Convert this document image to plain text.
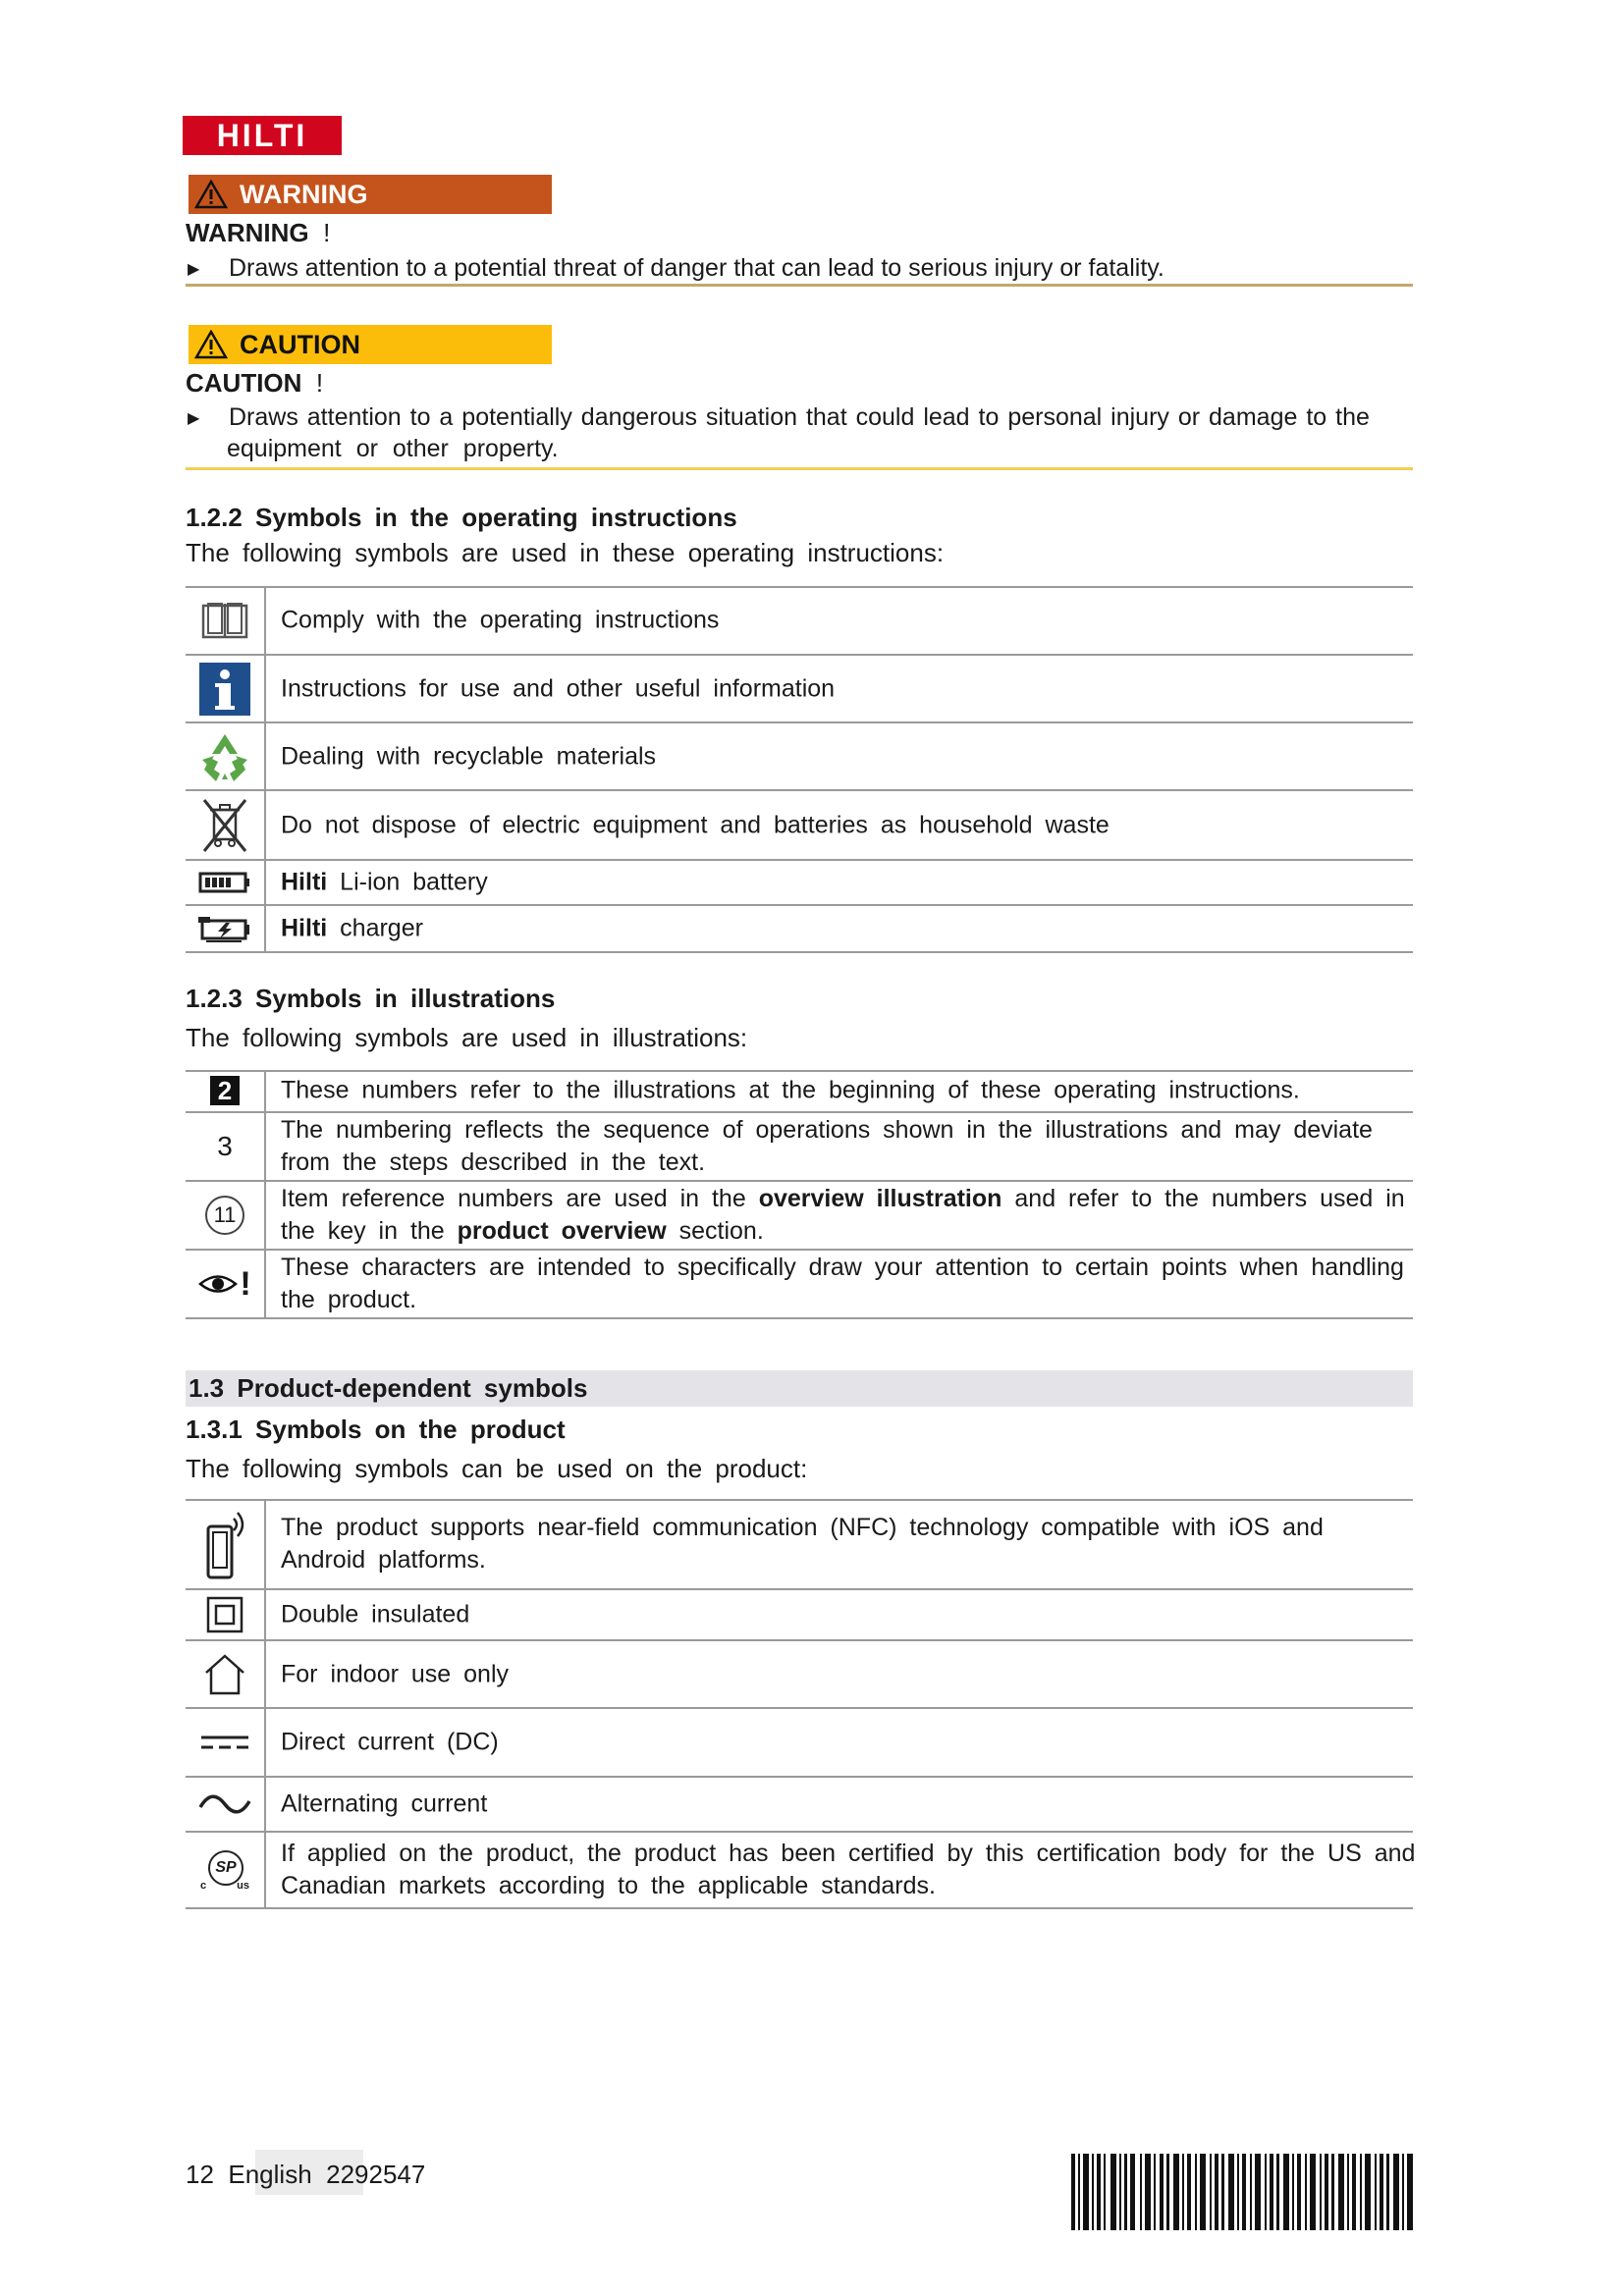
HILTI
WARNING
WARNING !
▶ Draws attention to a potential threat of danger that can lead to serious injury or fatality.
CAUTION
CAUTION !
▶ Draws attention to a potentially dangerous situation that could lead to personal injury or damage to the
equipment or other property.
1.2.2 Symbols in the operating instructions
The following symbols are used in these operating instructions:
Comply with the operating instructions
Instructions for use and other useful information
Dealing with recyclable materials
Do not dispose of electric equipment and batteries as household waste
Hilti Li-ion battery
Hilti charger
1.2.3 Symbols in illustrations
The following symbols are used in illustrations:
2 These numbers refer to the illustrations at the beginning of these operating instructions.
3
The numbering reflects the sequence of operations shown in the illustrations and may deviate
from the steps described in the text.
11
Item reference numbers are used in the overview illustration and refer to the numbers used in
the key in the product overview section.
! These characters are intended to specifically draw your attention to certain points when handling
the product.
1.3 Product-dependent symbols
1.3.1 Symbols on the product
The following symbols can be used on the product:
The product supports near-field communication (NFC) technology compatible with iOS and
Android platforms.
Double insulated
For indoor use only
Direct current (DC)
Alternating current
SP
c	us
If applied on the product, the product has been certified by this certification body for the US and
Canadian markets according to the applicable standards.
12 English 2292547
